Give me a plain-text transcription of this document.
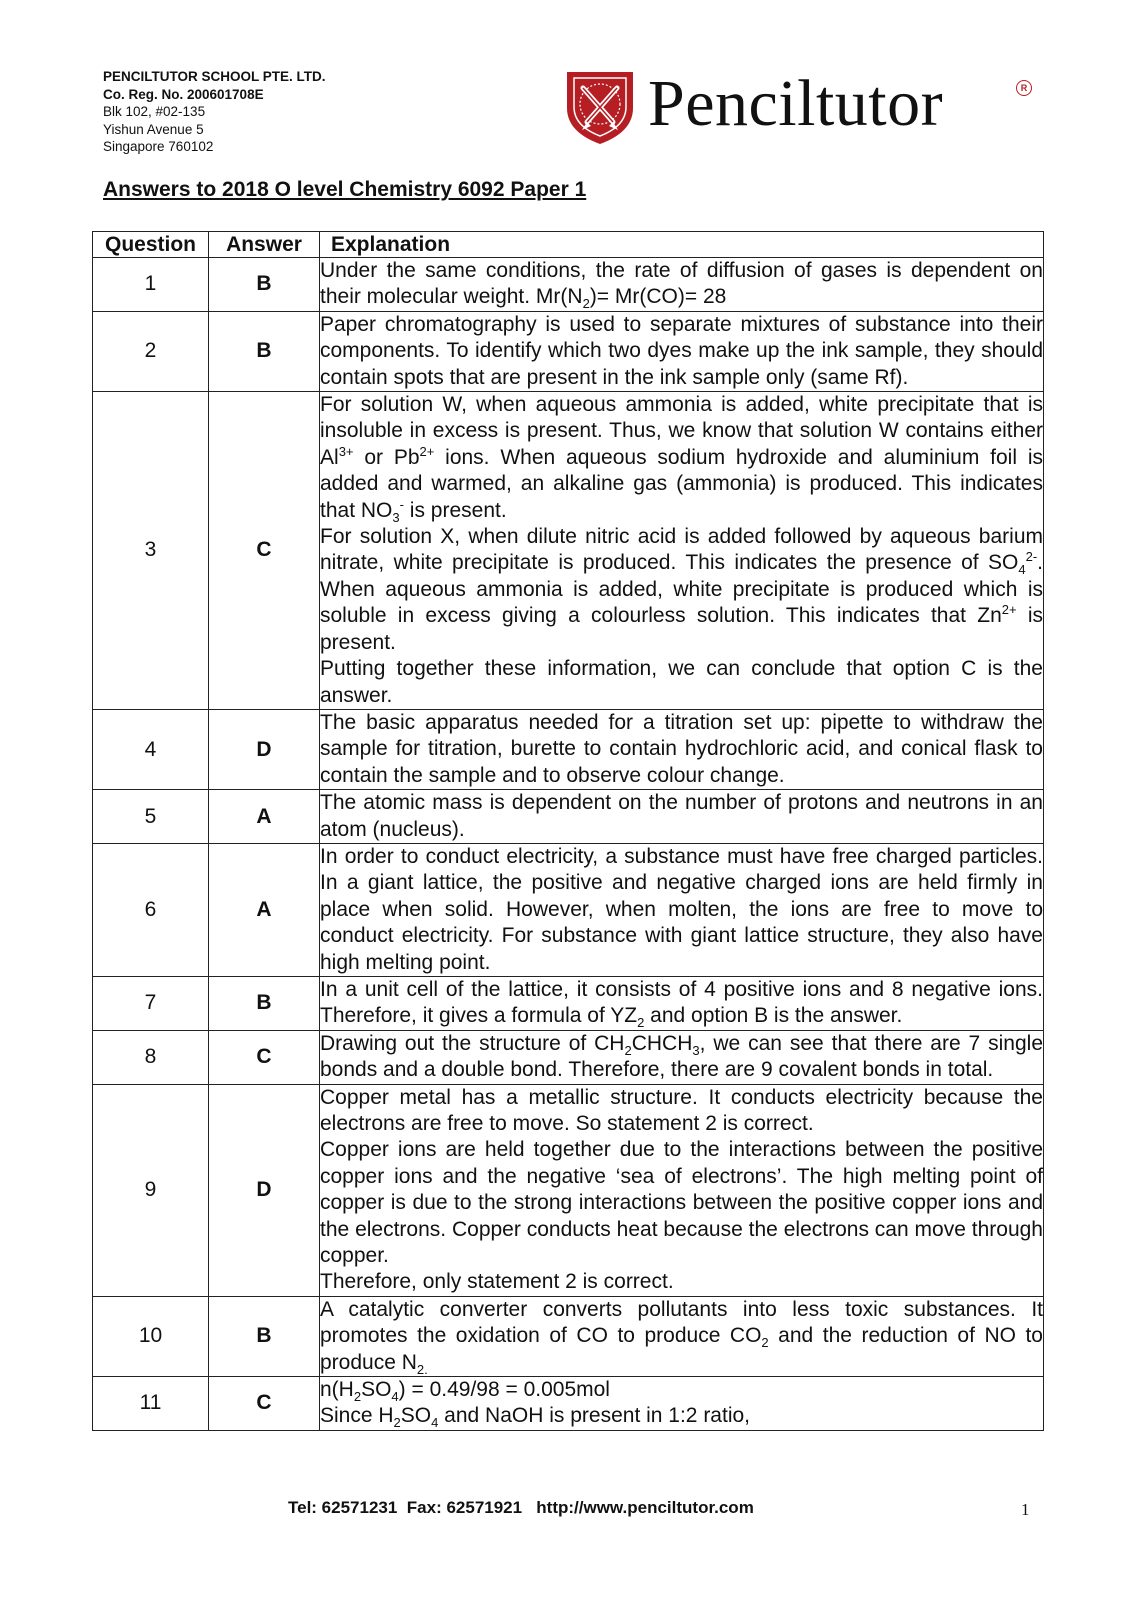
PENCILTUTOR SCHOOL PTE. LTD.
Co. Reg. No. 200601708E
Blk 102, #02-135
Yishun Avenue 5
Singapore 760102
Penciltutor	R
Answers to 2018 O level Chemistry 6092 Paper 1
Question	Answer	Explanation
1	B	Under the same conditions, the rate of diffusion of gases is dependent on their molecular weight. $Mr(N_2)= Mr(CO)= 28$
2	B	Paper chromatography is used to separate mixtures of substance into their components. To identify which two dyes make up the ink sample, they should contain spots that are present in the ink sample only (same Rf).
3	C	For solution W, when aqueous ammonia is added, white precipitate that is insoluble in excess is present. Thus, we know that solution W contains either $Al^{3+}$ or $Pb^{2+}$ ions. When aqueous sodium hydroxide and aluminium foil is added and warmed, an alkaline gas (ammonia) is produced. This indicates that $NO_3^-$ is present.

For solution X, when dilute nitric acid is added followed by aqueous barium nitrate, white precipitate is produced. This indicates the presence of $SO_4^{2-}$. When aqueous ammonia is added, white precipitate is produced which is soluble in excess giving a colourless solution. This indicates that $Zn^{2+}$ is present.

Putting together these information, we can conclude that option C is the answer.

4	D	The basic apparatus needed for a titration set up: pipette to withdraw the sample for titration, burette to contain hydrochloric acid, and conical flask to contain the sample and to observe colour change.
5	A	The atomic mass is dependent on the number of protons and neutrons in an atom (nucleus).
6	A	In order to conduct electricity, a substance must have free charged particles. In a giant lattice, the positive and negative charged ions are held firmly in place when solid. However, when molten, the ions are free to move to conduct electricity. For substance with giant lattice structure, they also have high melting point.
7	B	In a unit cell of the lattice, it consists of 4 positive ions and 8 negative ions. Therefore, it gives a formula of $YZ_2$ and option B is the answer.
8	C	Drawing out the structure of $CH_2CHCH_3$, we can see that there are 7 single bonds and a double bond. Therefore, there are 9 covalent bonds in total.
9	D	Copper metal has a metallic structure. It conducts electricity because the electrons are free to move. So statement 2 is correct.

Copper ions are held together due to the interactions between the positive copper ions and the negative ‘sea of electrons’. The high melting point of copper is due to the strong interactions between the positive copper ions and the electrons. Copper conducts heat because the electrons can move through copper.

Therefore, only statement 2 is correct.

10	B	A catalytic converter converts pollutants into less toxic substances. It promotes the oxidation of CO to produce $CO_2$ and the reduction of NO to produce $N_{2.}$
11	C	$n(H_2SO_4) = 0.49/98 = 0.005mol$

Since $H_2SO_4$ and NaOH is present in 1:2 ratio,

Tel: 62571231 Fax: 62571921 http://www.penciltutor.com	1
